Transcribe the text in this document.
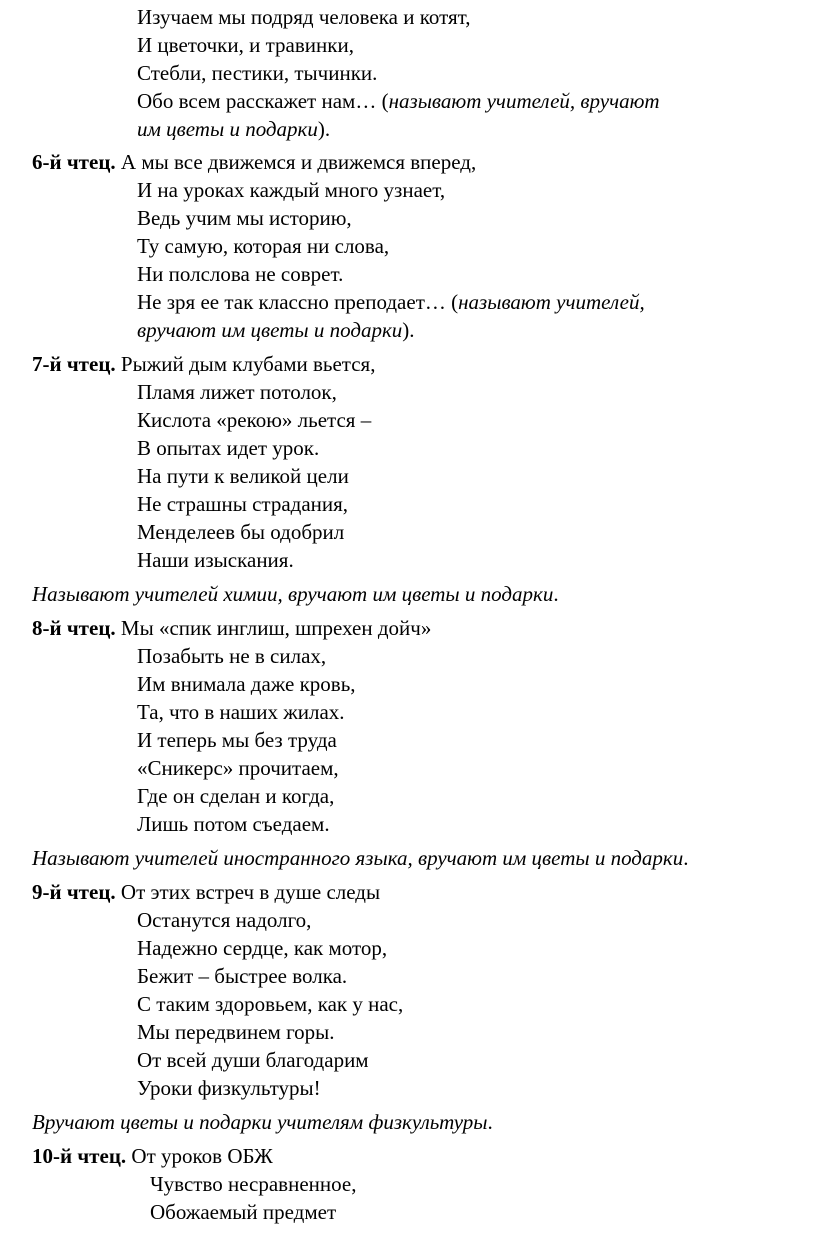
Изучаем мы подряд человека и котят,
И цветочки, и травинки,
Стебли, пестики, тычинки.
Обо всем расскажет нам… (называют учителей, вручают
им цветы и подарки).
6-й чтец. А мы все движемся и движемся вперед,
И на уроках каждый много узнает,
Ведь учим мы историю,
Ту самую, которая ни слова,
Ни полслова не соврет.
Не зря ее так классно преподает… (называют учителей,
вручают им цветы и подарки).
7-й чтец. Рыжий дым клубами вьется,
Пламя лижет потолок,
Кислота «рекою» льется –
В опытах идет урок.
На пути к великой цели
Не страшны страдания,
Менделеев бы одобрил
Наши изыскания.
Называют учителей химии, вручают им цветы и подарки.
8-й чтец. Мы «спик инглиш, шпрехен дойч»
Позабыть не в силах,
Им внимала даже кровь,
Та, что в наших жилах.
И теперь мы без труда
«Сникерс» прочитаем,
Где он сделан и когда,
Лишь потом съедаем.
Называют учителей иностранного языка, вручают им цветы и подарки.
9-й чтец. От этих встреч в душе следы
Останутся надолго,
Надежно сердце, как мотор,
Бежит – быстрее волка.
С таким здоровьем, как у нас,
Мы передвинем горы.
От всей души благодарим
Уроки физкультуры!
Вручают цветы и подарки учителям физкультуры.
10-й чтец. От уроков ОБЖ
Чувство несравненное,
Обожаемый предмет
